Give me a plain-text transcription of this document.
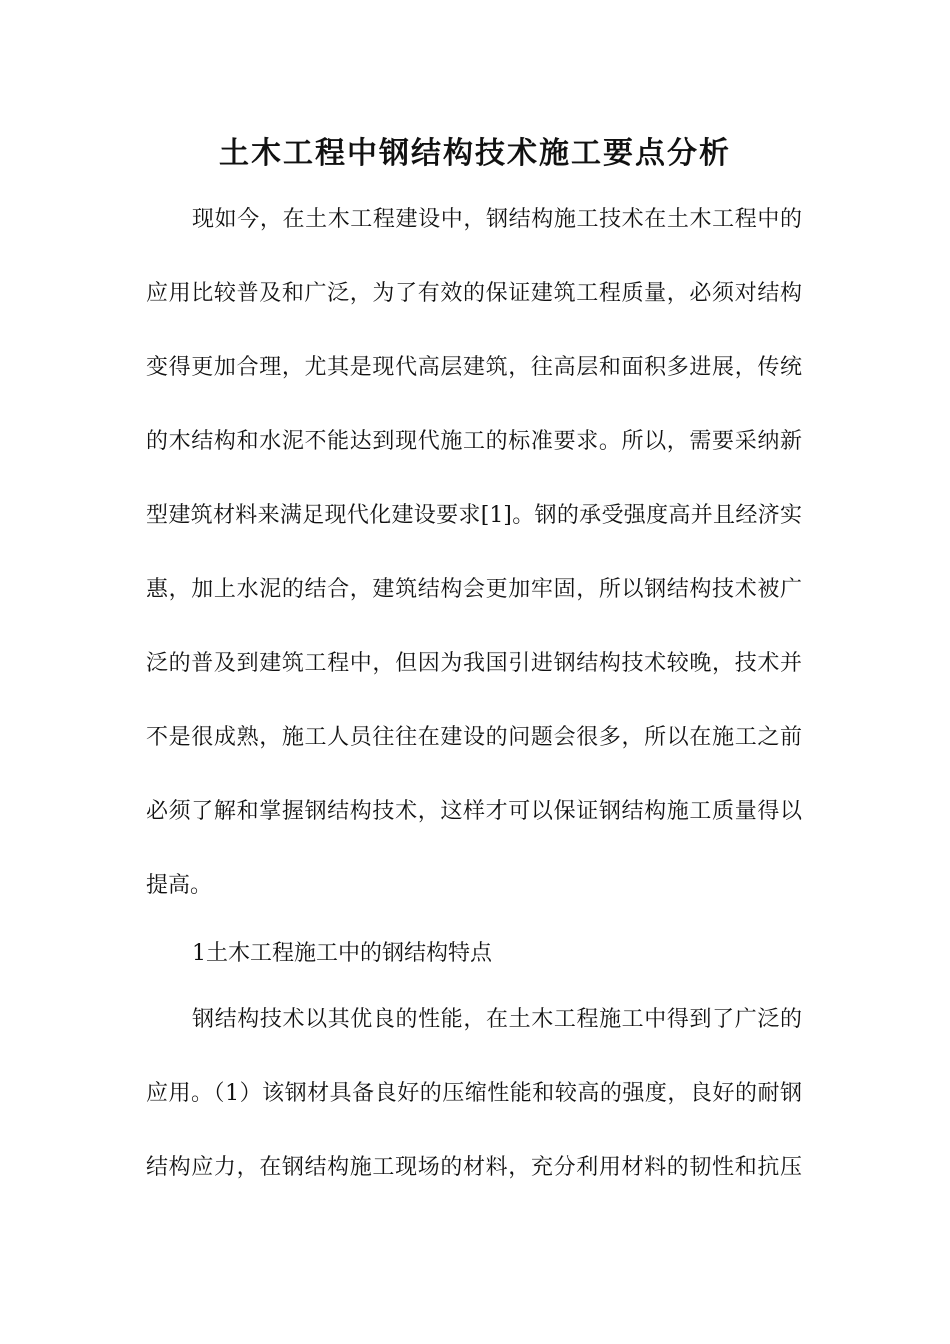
土木工程中钢结构技术施工要点分析
现如今，在土木工程建设中，钢结构施工技术在土木工程中的
应用比较普及和广泛，为了有效的保证建筑工程质量，必须对结构
变得更加合理，尤其是现代高层建筑，往高层和面积多进展，传统
的木结构和水泥不能达到现代施工的标准要求。所以，需要采纳新
型建筑材料来满足现代化建设要求[1]。钢的承受强度高并且经济实
惠，加上水泥的结合，建筑结构会更加牢固，所以钢结构技术被广
泛的普及到建筑工程中，但因为我国引进钢结构技术较晚，技术并
不是很成熟，施工人员往往在建设的问题会很多，所以在施工之前
必须了解和掌握钢结构技术，这样才可以保证钢结构施工质量得以
提高。
1土木工程施工中的钢结构特点
钢结构技术以其优良的性能，在土木工程施工中得到了广泛的
应用。（1）该钢材具备良好的压缩性能和较高的强度，良好的耐钢
结构应力，在钢结构施工现场的材料，充分利用材料的韧性和抗压
